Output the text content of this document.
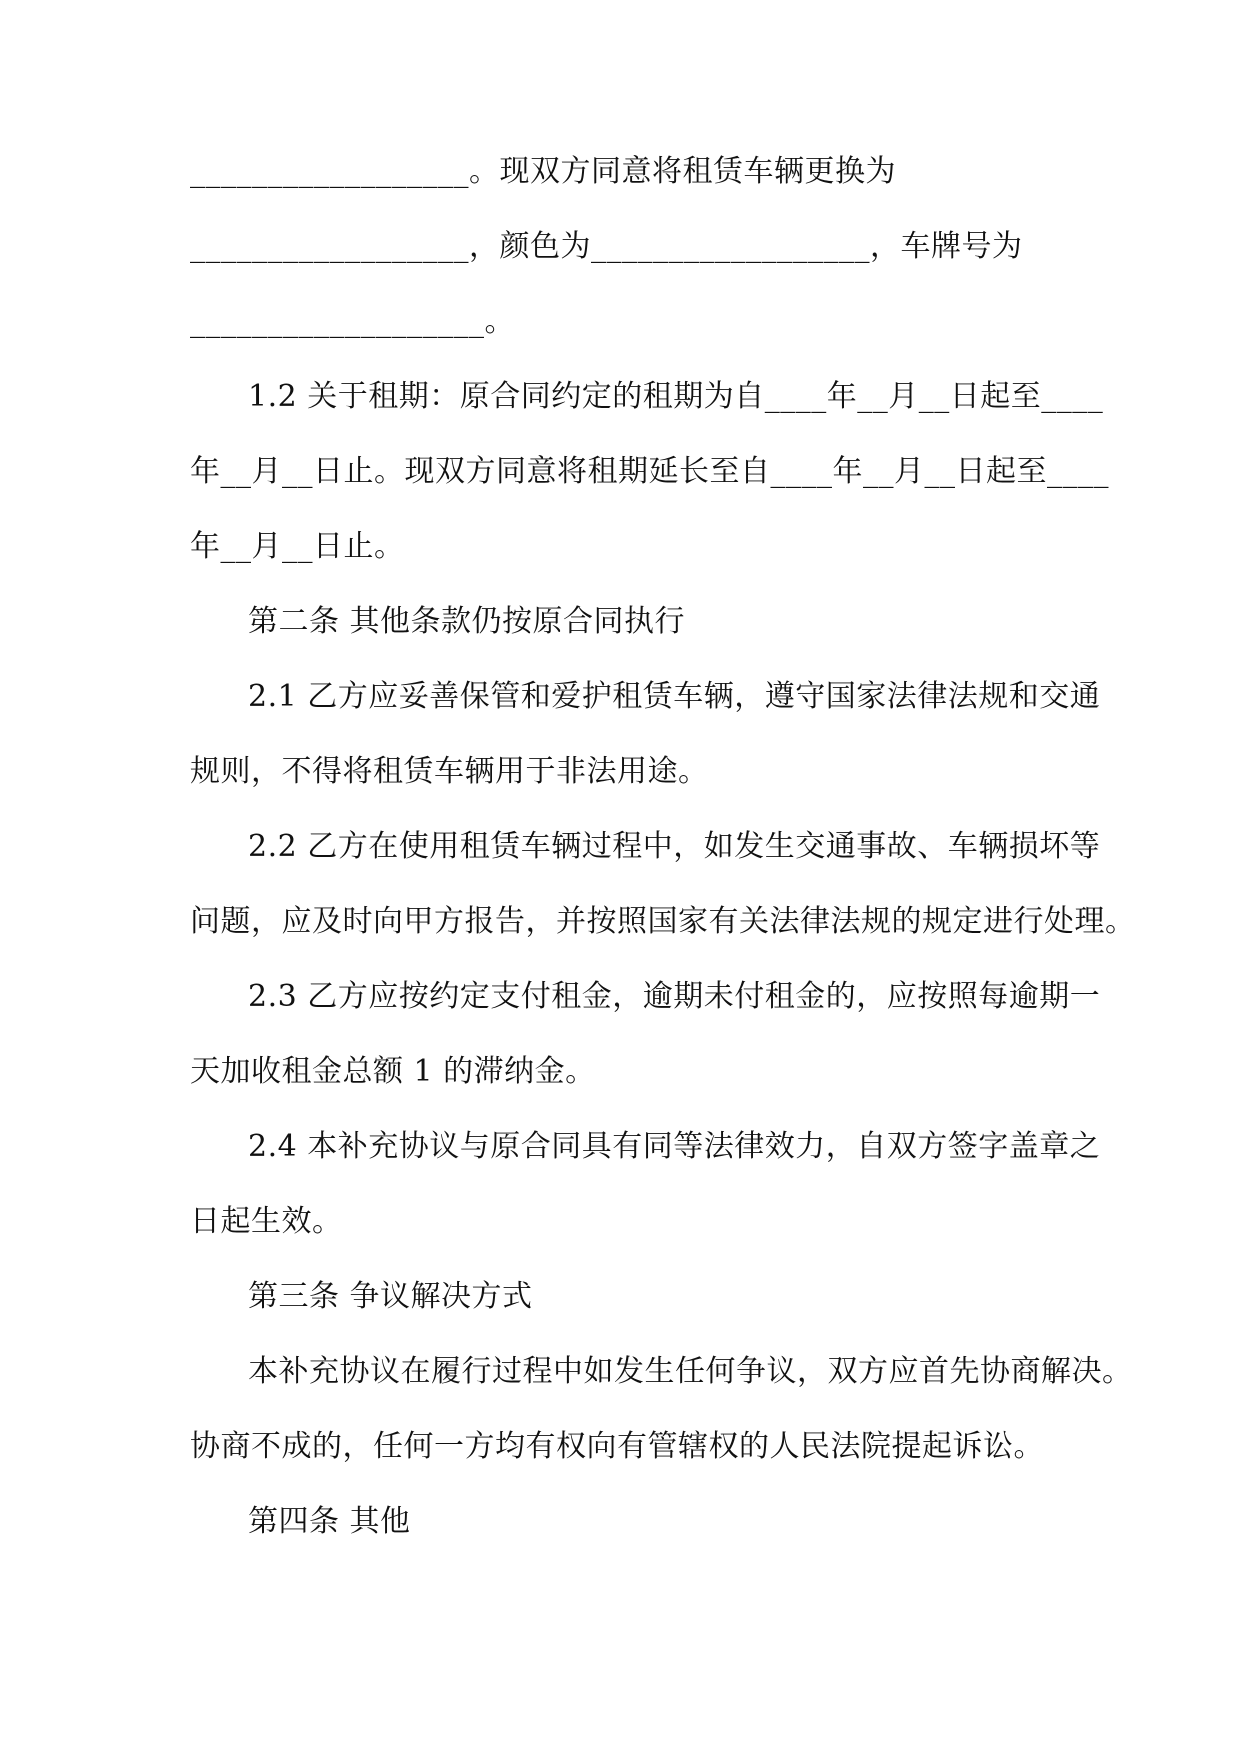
__________________。现双方同意将租赁车辆更换为
__________________，颜色为__________________，车牌号为
___________________。
1.2 关于租期：原合同约定的租期为自____年__月__日起至____
年__月__日止。现双方同意将租期延长至自____年__月__日起至____
年__月__日止。
第二条 其他条款仍按原合同执行
2.1 乙方应妥善保管和爱护租赁车辆，遵守国家法律法规和交通
规则，不得将租赁车辆用于非法用途。
2.2 乙方在使用租赁车辆过程中，如发生交通事故、车辆损坏等
问题，应及时向甲方报告，并按照国家有关法律法规的规定进行处理。
2.3 乙方应按约定支付租金，逾期未付租金的，应按照每逾期一
天加收租金总额 1 的滞纳金。
2.4 本补充协议与原合同具有同等法律效力，自双方签字盖章之
日起生效。
第三条 争议解决方式
本补充协议在履行过程中如发生任何争议，双方应首先协商解决。
协商不成的，任何一方均有权向有管辖权的人民法院提起诉讼。
第四条 其他
